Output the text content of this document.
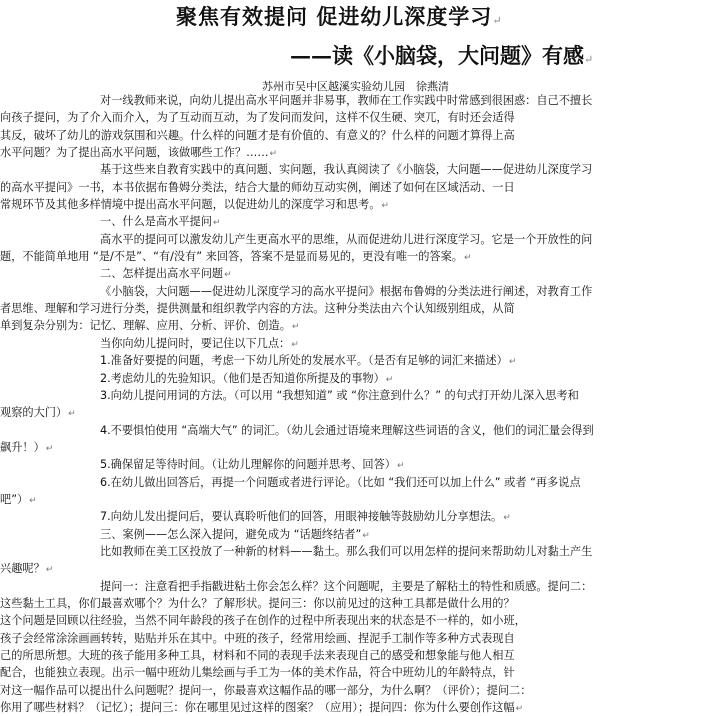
聚焦有效提问 促进幼儿深度学习↵
——读《小脑袋，大问题》有感↵
苏州市吴中区越溪实验幼儿园　徐燕清
对一线教师来说，向幼儿提出高水平问题并非易事，教师在工作实践中时常感到很困惑：自己不擅长
向孩子提问，为了介入而介入，为了互动而互动，为了发问而发问，这样不仅生硬、突兀，有时还会适得
其反，破坏了幼儿的游戏氛围和兴趣。什么样的问题才是有价值的、有意义的？什么样的问题才算得上高
水平问题？为了提出高水平问题，该做哪些工作？……↵
基于这些来自教育实践中的真问题、实问题，我认真阅读了《小脑袋，大问题——促进幼儿深度学习
的高水平提问》一书，本书依据布鲁姆分类法，结合大量的师幼互动实例，阐述了如何在区域活动、一日
常规环节及其他多样情境中提出高水平问题，以促进幼儿的深度学习和思考。↵
一、什么是高水平提问↵
高水平的提问可以激发幼儿产生更高水平的思维，从而促进幼儿进行深度学习。它是一个开放性的问
题，不能简单地用 “是/不是”、“有/没有” 来回答，答案不是显而易见的，更没有唯一的答案。↵
二、怎样提出高水平问题↵
《小脑袋，大问题——促进幼儿深度学习的高水平提问》根据布鲁姆的分类法进行阐述，对教育工作
者思维、理解和学习进行分类，提供测量和组织教学内容的方法。这种分类法由六个认知级别组成，从简
单到复杂分别为：记忆、理解、应用、分析、评价、创造。↵
当你向幼儿提问时，要记住以下几点：↵
1.准备好要提的问题，考虑一下幼儿所处的发展水平。（是否有足够的词汇来描述）↵
2.考虑幼儿的先验知识。（他们是否知道你所提及的事物）↵
3.向幼儿提问用词的方法。（可以用 “我想知道” 或 “你注意到什么？” 的句式打开幼儿深入思考和
观察的大门）↵
4.不要惧怕使用 “高端大气” 的词汇。（幼儿会通过语境来理解这些词语的含义，他们的词汇量会得到
飙升！）↵
5.确保留足等待时间。（让幼儿理解你的问题并思考、回答）↵
6.在幼儿做出回答后，再提一个问题或者进行评论。（比如 “我们还可以加上什么” 或者 “再多说点
吧”）↵
7.向幼儿发出提问后，要认真聆听他们的回答，用眼神接触等鼓励幼儿分享想法。↵
三、案例——怎么深入提问，避免成为 “话题终结者”↵
比如教师在美工区投放了一种新的材料——黏土。那么我们可以用怎样的提问来帮助幼儿对黏土产生
兴趣呢？↵
提问一：注意看把手指戳进粘土你会怎么样？这个问题呢，主要是了解粘土的特性和质感。提问二：
这些黏土工具，你们最喜欢哪个？为什么？了解形状。提问三：你以前见过的这种工具都是做什么用的？
这个问题是回顾以往经验，当然不同年龄段的孩子在创作的过程中所表现出来的状态是不一样的，如小班，
孩子会经常涂涂画画转转，贴贴并乐在其中。中班的孩子，经常用绘画、捏泥手工制作等多种方式表现自
己的所思所想。大班的孩子能用多种工具，材料和不同的表现手法来表现自己的感受和想象能与他人相互
配合，也能独立表现。出示一幅中班幼儿集绘画与手工为一体的美术作品，符合中班幼儿的年龄特点，针
对这一幅作品可以提出什么问题呢？提问一，你最喜欢这幅作品的哪一部分，为什么啊？（评价）；提问二：
你用了哪些材料？（记忆）；提问三：你在哪里见过这样的图案？（应用）；提问四：你为什么要创作这幅↵
